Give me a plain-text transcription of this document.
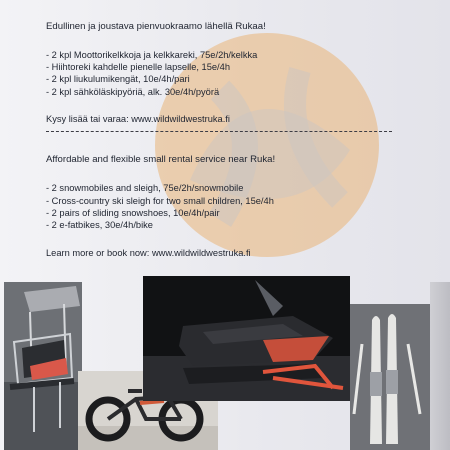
Edullinen ja joustava pienvuokraamo lähellä Rukaa!
- 2 kpl Moottorikelkkoja ja kelkkareki, 75e/2h/kelkka
- Hiihtoreki kahdelle pienelle lapselle, 15e/4h
- 2 kpl liukulumikengät, 10e/4h/pari
- 2 kpl sähköläskipyöriä, alk. 30e/4h/pyörä
Kysy lisää tai varaa: www.wildwildwestruka.fi
Affordable and flexible small rental service near Ruka!
- 2 snowmobiles and sleigh, 75e/2h/snowmobile
- Cross-country ski sleigh for two small children, 15e/4h
- 2 pairs of sliding snowshoes, 10e/4h/pair
- 2 e-fatbikes, 30e/4h/bike
Learn more or book now: www.wildwildwestruka.fi
